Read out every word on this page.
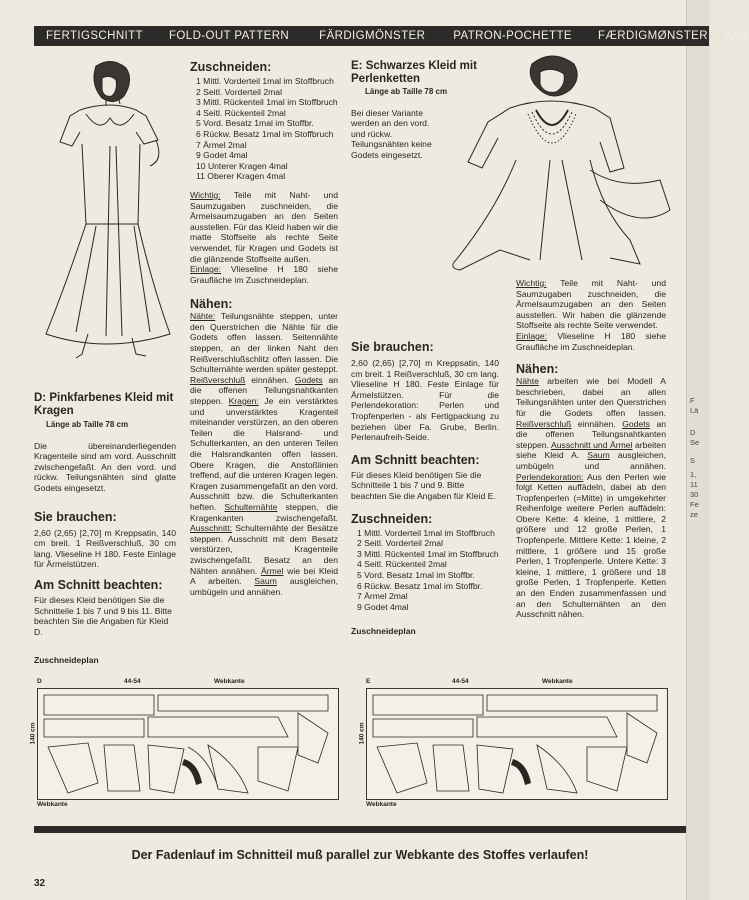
FERTIGSCHNITT FOLD-OUT PATTERN	FÄRDIGMÖNSTER PATRON-POCHETTE FÆRDIGMØNSTER KAN
D: Pinkfarbenes Kleid mit Kragen
Länge ab Taille 78 cm

Die übereinanderliegenden Kragenteile sind am vord. Ausschnitt zwischengefaßt. An den vord. und rückw. Teilungsnähten sind glatte Godets eingesetzt.

Sie brauchen:

2,60 (2,65) [2,70] m Kreppsatin, 140 cm breit. 1 Reißverschluß, 30 cm lang. Vlieseline H 180. Feste Einlage für Ärmelstützen.

Am Schnitt beachten:

Für dieses Kleid benötigen Sie die Schnitteile 1 bis 7 und 9 bis 11. Bitte beachten Sie die Angaben für Kleid D.

Zuschneideplan
Zuschneiden:
1 Mittl. Vorderteil 1mal im Stoffbruch
2 Seitl. Vorderteil 2mal
3 Mittl. Rückenteil 1mal im Stoffbruch
4 Seitl. Rückenteil 2mal
5 Vord. Besatz 1mal im Stoffbr.
6 Rückw. Besatz 1mal im Stoffbruch
7 Ärmel 2mal
9 Godet 4mal
10 Unterer Kragen 4mal
11 Oberer Kragen 4mal

Wichtig: Teile mit Naht- und Saumzugaben zuschneiden, die Ärmelsaumzugaben an den Seiten ausstellen. Für das Kleid haben wir die matte Stoffseite als rechte Seite verwendet, für Kragen und Godets ist die glänzende Stoffseite außen.

Einlage: Vlieseline H 180 siehe Graufläche im Zuschneideplan.

Nähen:
Nähte: Teilungsnähte steppen, unter den Querstrichen die Nähte für die Godets offen lassen. Seitennähte steppen, an der linken Naht den Reißverschlußschlitz offen lassen. Die Schulternähte werden später gesteppt. Reißverschluß einnähen. Godets an die offenen Teilungsnahtkanten steppen. Kragen: Je ein verstärktes und unverstärktes Kragenteil miteinander verstürzen, an den oberen Teilen die Halsrand- und Schulterkanten, an den unteren Teilen die Halsrandkanten offen lassen. Obere Kragen, die Anstoßlinien treffend, auf die unteren Kragen legen. Kragen zusammengefaßt an den vord. Ausschnitt bzw. die Schulterkanten heften. Schulternähte steppen, die Kragenkanten zwischengefaßt. Ausschnitt: Schulternähte der Besätze steppen. Ausschnitt mit dem Besatz verstürzen, Kragenteile zwischengefaßt. Besatz an den Nähten annähen. Ärmel wie bei Kleid A arbeiten. Saum ausgleichen, umbügeln und annähen.
E: Schwarzes Kleid mit Perlenketten
Länge ab Taille 78 cm

Bei dieser Variante werden an den vord. und rückw. Teilungsnähten keine Godets eingesetzt.

Sie brauchen:

2,60 (2,65) [2,70] m Kreppsatin, 140 cm breit. 1 Reißverschluß, 30 cm lang. Vlieseline H 180. Feste Einlage für Ärmelstützen. Für die Perlendekoration: Perlen und Tropfenperlen - als Fertigpackung zu beziehen über Fa. Grube, Berlin. Perlenaufreih-Seide.

Am Schnitt beachten:

Für dieses Kleid benötigen Sie die Schnitteile 1 bis 7 und 9. Bitte beachten Sie die Angaben für Kleid E.

Zuschneiden:
1 Mittl. Vorderteil 1mal im Stoffbruch
2 Seitl. Vorderteil 2mal
3 Mittl. Rückenteil 1mal im Stoffbruch
4 Seitl. Rückenteil 2mal
5 Vord. Besatz 1mal im Stoffbr.
6 Rückw. Besatz 1mal im Stoffbr.
7 Ärmel 2mal
9 Godet 4mal
Zuschneideplan

Wichtig: Teile mit Naht- und Saumzugaben zuschneiden, die Ärmelsaumzugaben an den Seiten ausstellen. Wir haben die glänzende Stoffseite als rechte Seite verwendet.

Einlage: Vlieseline H 180 siehe Graufläche im Zuschneideplan.

Nähen:
Nähte arbeiten wie bei Modell A beschrieben, dabei an allen Teilungsnähten unter den Querstrichen für die Godets offen lassen. Reißverschluß einnähen. Godets an die offenen Teilungsnahtkanten steppen. Ausschnitt und Ärmel arbeiten siehe Kleid A. Saum ausgleichen, umbügeln und annähen. Perlendekoration: Aus den Perlen wie folgt Ketten auffädeln, dabei ab den Tropfenperlen (=Mitte) in umgekehrter Reihenfolge weitere Perlen auffädeln: Obere Kette: 4 kleine, 1 mittlere, 2 größere und 12 große Perlen, 1 Tropfenperle. Mittlere Kette: 1 kleine, 2 mittlere, 1 größere und 15 große Perlen, 1 Tropfenperle. Untere Kette: 3 kleine, 1 mittlere, 1 größere und 18 große Perlen, 1 Tropfenperle. Ketten an den Enden zusammenfassen und an den Schulternähten an den Ausschnitt nähen.
D	44-54	Webkante
140 cm
Webkante
E	44-54	Webkante
140 cm
Webkante
Der Fadenlauf im Schnitteil muß parallel zur Webkante des Stoffes verlaufen!
32
F
Lä
D
Se
S
1,
11
30
Fe
ze
